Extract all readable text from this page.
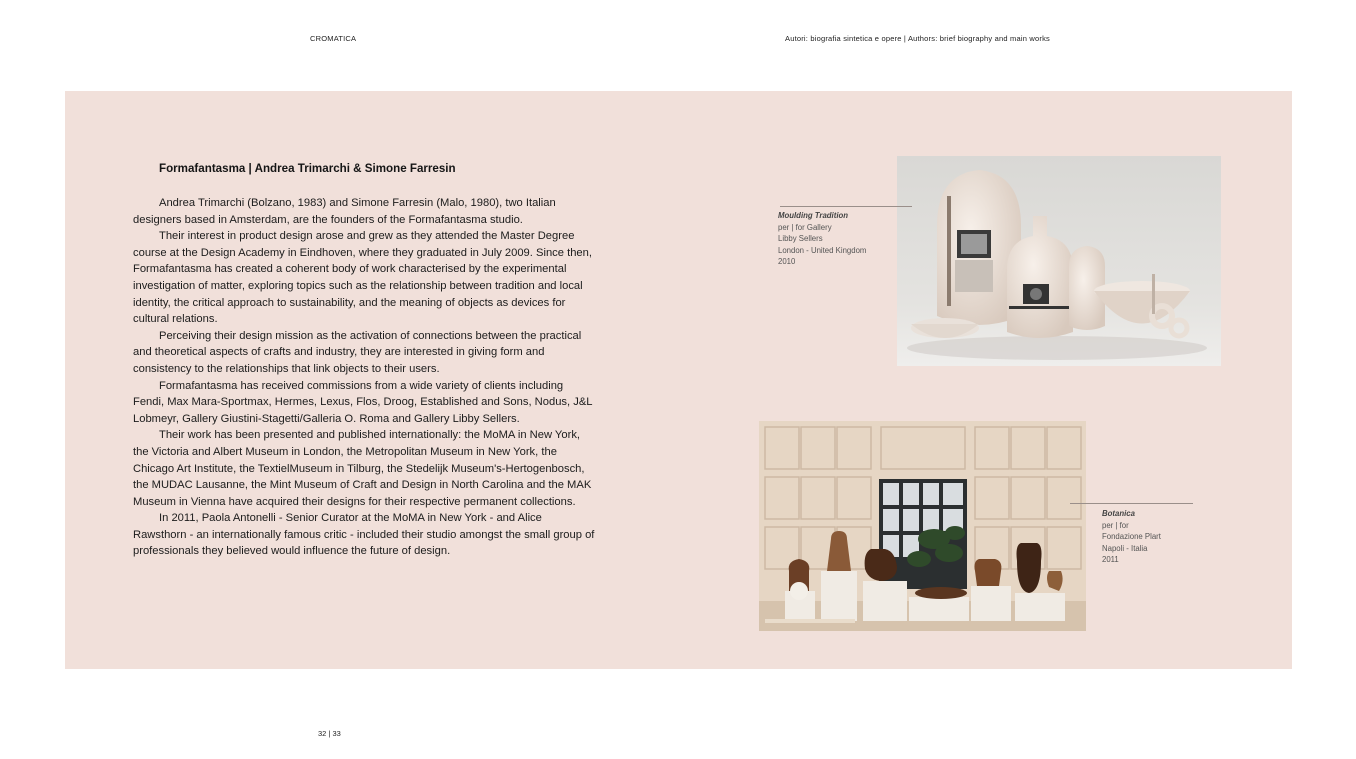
CROMATICA	Autori: biografia sintetica e opere | Authors: brief biography and main works
Formafantasma | Andrea Trimarchi & Simone Farresin

Andrea Trimarchi (Bolzano, 1983) and Simone Farresin (Malo, 1980), two Italian designers based in Amsterdam, are the founders of the Formafantasma studio.

Their interest in product design arose and grew as they attended the Master Degree course at the Design Academy in Eindhoven, where they graduated in July 2009. Since then, Formafantasma has created a coherent body of work characterised by the experimental investigation of matter, exploring topics such as the relationship between tradition and local identity, the critical approach to sustainability, and the meaning of objects as devices for cultural relations.

Perceiving their design mission as the activation of connections between the practical and theoretical aspects of crafts and industry, they are interested in giving form and consistency to the relationships that link objects to their users.

Formafantasma has received commissions from a wide variety of clients including Fendi, Max Mara-Sportmax, Hermes, Lexus, Flos, Droog, Established and Sons, Nodus, J&L Lobmeyr, Gallery Giustini-Stagetti/Galleria O. Roma and Gallery Libby Sellers.

Their work has been presented and published internationally: the MoMA in New York, the Victoria and Albert Museum in London, the Metropolitan Museum in New York, the Chicago Art Institute, the TextielMuseum in Tilburg, the Stedelijk Museum's-Hertogenbosch, the MUDAC Lausanne, the Mint Museum of Craft and Design in North Carolina and the MAK Museum in Vienna have acquired their designs for their respective permanent collections.

In 2011, Paola Antonelli - Senior Curator at the MoMA in New York - and Alice Rawsthorn - an internationally famous critic - included their studio amongst the small group of professionals they believed would influence the future of design.

Moulding Tradition
per | for Gallery
Libby Sellers
London - United Kingdom
2010
Botanica
per | for
Fondazione Plart
Napoli - Italia
2011
32 | 33
